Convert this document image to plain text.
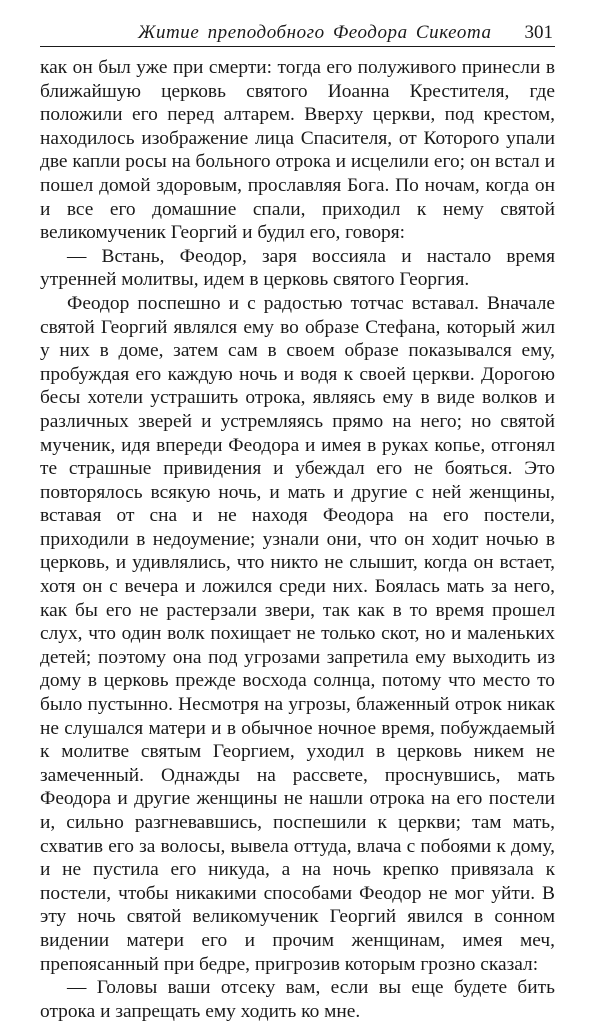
Житие преподобного Феодора Сикеота 301

как он был уже при смерти: тогда его полуживого принесли в ближайшую церковь святого Иоанна Крестителя, где положили его перед алтарем. Вверху церкви, под крестом, находилось изображение лица Спасителя, от Которого упали две капли росы на больного отрока и исцелили его; он встал и пошел домой здоровым, прославляя Бога. По ночам, когда он и все его домашние спали, приходил к нему святой великомученик Георгий и будил его, говоря:

— Встань, Феодор, заря воссияла и настало время утренней молитвы, идем в церковь святого Георгия.

Феодор поспешно и с радостью тотчас вставал. Вначале святой Георгий являлся ему во образе Стефана, который жил у них в доме, затем сам в своем образе показывался ему, пробуждая его каждую ночь и водя к своей церкви. Дорогою бесы хотели устрашить отрока, являясь ему в виде волков и различных зверей и устремляясь прямо на него; но святой мученик, идя впереди Феодора и имея в руках копье, отгонял те страшные привидения и убеждал его не бояться. Это повторялось всякую ночь, и мать и другие с ней женщины, вставая от сна и не находя Феодора на его постели, приходили в недоумение; узнали они, что он ходит ночью в церковь, и удивлялись, что никто не слышит, когда он встает, хотя он с вечера и ложился среди них. Боялась мать за него, как бы его не растерзали звери, так как в то время прошел слух, что один волк похищает не только скот, но и маленьких детей; поэтому она под угрозами запретила ему выходить из дому в церковь прежде восхода солнца, потому что место то было пустынно. Несмотря на угрозы, блаженный отрок никак не слушался матери и в обычное ночное время, побуждаемый к молитве святым Георгием, уходил в церковь никем не замеченный. Однажды на рассвете, проснувшись, мать Феодора и другие женщины не нашли отрока на его постели и, сильно разгневавшись, поспешили к церкви; там мать, схватив его за волосы, вывела оттуда, влача с побоями к дому, и не пустила его никуда, а на ночь крепко привязала к постели, чтобы никакими способами Феодор не мог уйти. В эту ночь святой великомученик Георгий явился в сонном видении матери его и прочим женщинам, имея меч, препоясанный при бедре, пригрозив которым грозно сказал:

— Головы ваши отсеку вам, если вы еще будете бить отрока и запрещать ему ходить ко мне.
